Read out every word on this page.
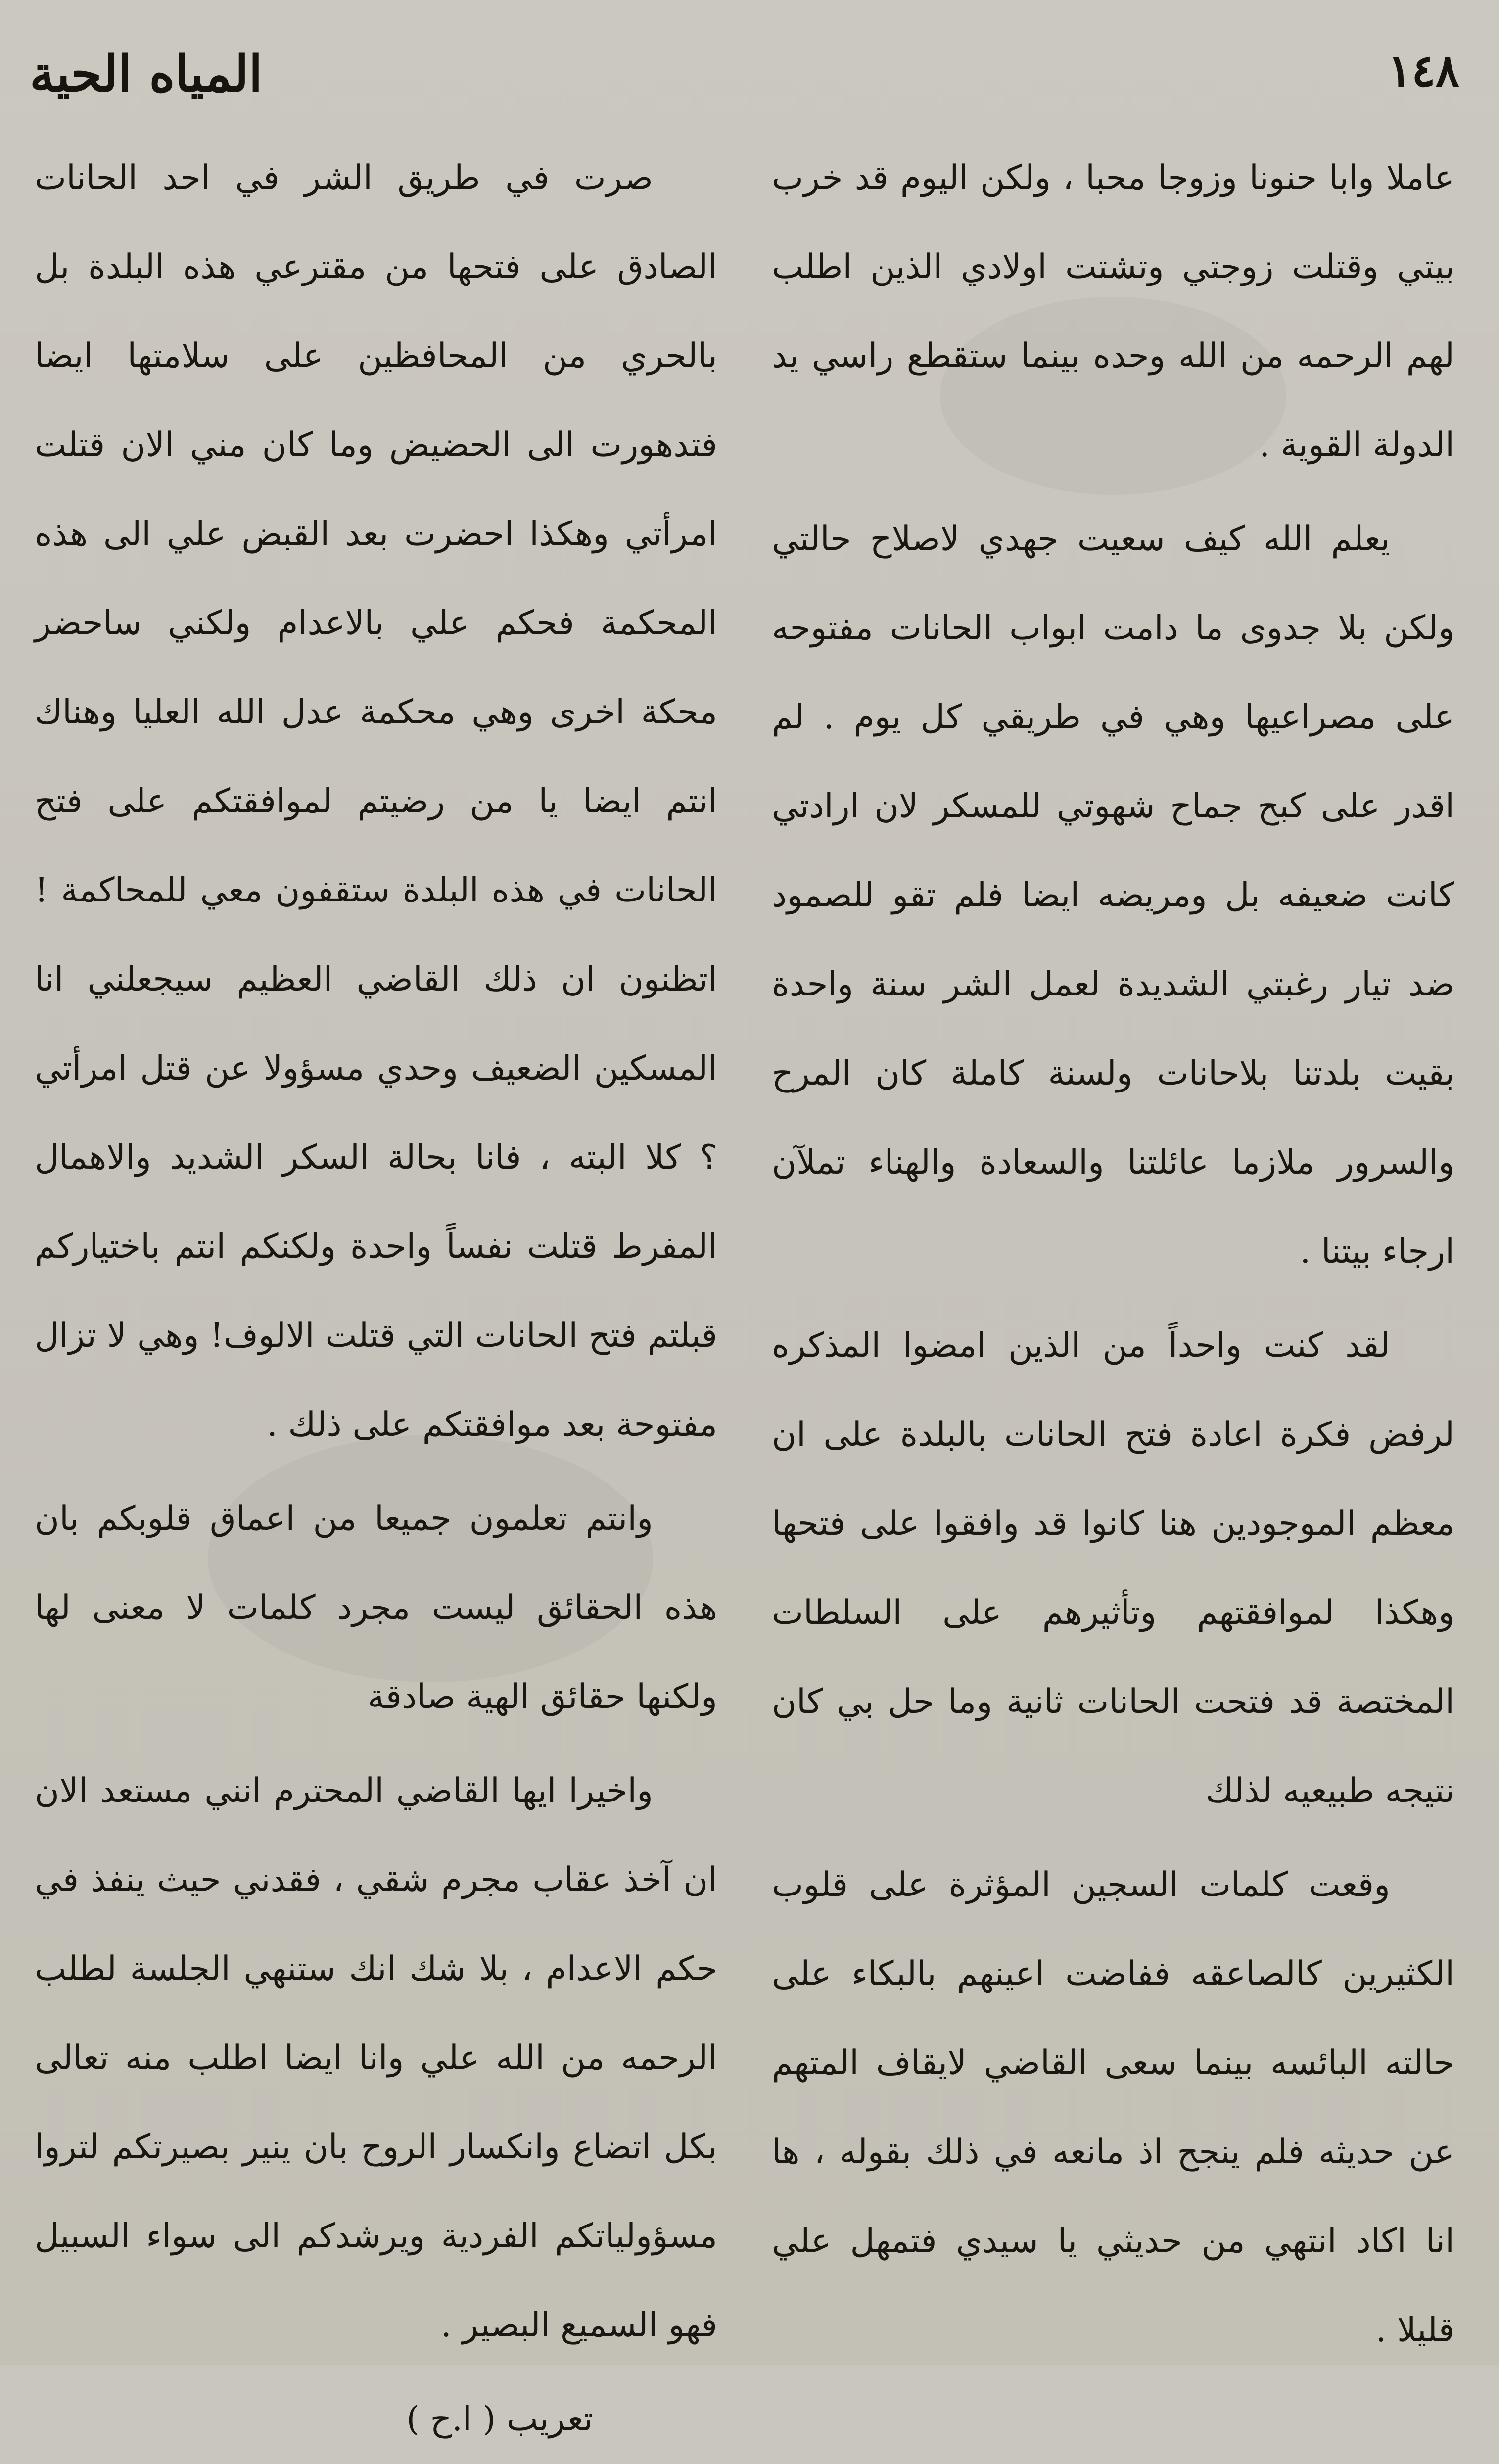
١٤٨
المياه الحية

عاملا وابا حنونا وزوجا محبا ، ولكن اليوم قد خرب بيتي وقتلت زوجتي وتشتت اولادي الذين اطلب لهم الرحمه من الله وحده بينما ستقطع راسي يد الدولة القوية .

يعلم الله كيف سعيت جهدي لاصلاح حالتي ولكن بلا جدوى ما دامت ابواب الحانات مفتوحه على مصراعيها وهي في طريقي كل يوم . لم اقدر على كبح جماح شهوتي للمسكر لان ارادتي كانت ضعيفه بل ومريضه ايضا فلم تقو للصمود ضد تيار رغبتي الشديدة لعمل الشر سنة واحدة بقيت بلدتنا بلاحانات ولسنة كاملة كان المرح والسرور ملازما عائلتنا والسعادة والهناء تملآن ارجاء بيتنا .

لقد كنت واحداً من الذين امضوا المذكره لرفض فكرة اعادة فتح الحانات بالبلدة على ان معظم الموجودين هنا كانوا قد وافقوا على فتحها وهكذا لموافقتهم وتأثيرهم على السلطات المختصة قد فتحت الحانات ثانية وما حل بي كان نتيجه طبيعيه لذلك

وقعت كلمات السجين المؤثرة على قلوب الكثيرين كالصاعقه ففاضت اعينهم بالبكاء على حالته البائسه بينما سعى القاضي لايقاف المتهم عن حديثه فلم ينجح اذ مانعه في ذلك بقوله ، ها انا اكاد انتهي من حديثي يا سيدي فتمهل علي قليلا .

صرت في طريق الشر في احد الحانات الصادق على فتحها من مقترعي هذه البلدة بل بالحري من المحافظين على سلامتها ايضا فتدهورت الى الحضيض وما كان مني الان قتلت امرأتي وهكذا احضرت بعد القبض علي الى هذه المحكمة فحكم علي بالاعدام ولكني ساحضر محكة اخرى وهي محكمة عدل الله العليا وهناك انتم ايضا يا من رضيتم لموافقتكم على فتح الحانات في هذه البلدة ستقفون معي للمحاكمة ! اتظنون ان ذلك القاضي العظيم سيجعلني انا المسكين الضعيف وحدي مسؤولا عن قتل امرأتي ؟ كلا البته ، فانا بحالة السكر الشديد والاهمال المفرط قتلت نفساً واحدة ولكنكم انتم باختياركم قبلتم فتح الحانات التي قتلت الالوف! وهي لا تزال مفتوحة بعد موافقتكم على ذلك .

وانتم تعلمون جميعا من اعماق قلوبكم بان هذه الحقائق ليست مجرد كلمات لا معنى لها ولكنها حقائق الهية صادقة

واخيرا ايها القاضي المحترم انني مستعد الان ان آخذ عقاب مجرم شقي ، فقدني حيث ينفذ في حكم الاعدام ، بلا شك انك ستنهي الجلسة لطلب الرحمه من الله علي وانا ايضا اطلب منه تعالى بكل اتضاع وانكسار الروح بان ينير بصيرتكم لتروا مسؤولياتكم الفردية ويرشدكم الى سواء السبيل فهو السميع البصير .

تعريب ( ا.ح )
